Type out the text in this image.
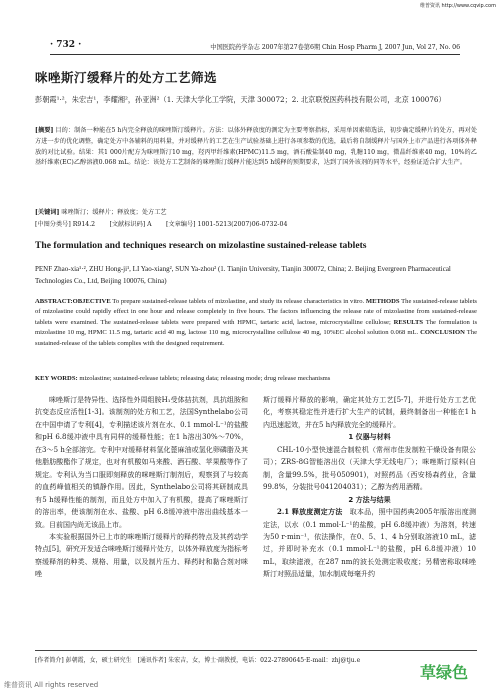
维普资讯 http://www.cqvip.com
· 732 ·	中国医院药学杂志 2007年第27卷第6期 Chin Hosp Pharm J, 2007 Jun, Vol 27, No. 06
咪唑斯汀缓释片的处方工艺筛选
彭朝霞¹·²，朱宏吉¹，李耀湘²，孙亚洲²（1. 天津大学化工学院，天津 300072；2. 北京联悦医药科技有限公司，北京 100076）
[摘要] 目的：制备一种能在5 h内完全释放的咪唑斯汀缓释片。方法：以体外释放度的测定为主要考察指标，采用单因素筛选法，初步确定缓释片的处方，再对处方进一步的优化调整，确定处方中各辅料的用料量，并对缓释片的工艺在生产试验基础上进行各项参数的优选，最后将自制缓释片与国外上市产品进行各项体外释放的对比试验。结果：其1 000片配方为咪唑斯汀10 mg，羟丙甲纤维素(HPMC)11.5 mg，酒石酸盐制40 mg，乳糖110 mg，微晶纤维素40 mg，10%的乙基纤维素(EC)乙醇溶液0.068 mL。结论：该处方工艺制备的咪唑斯汀缓释片能达到5 h缓释的预期要求，达到了国外该剂的同等水平，经验证适合扩大生产。
[关键词] 咪唑斯汀；缓释片；释放度；处方工艺
[中图分类号] R914.2　　 [文献标识码] A　　 [文章编号] 1001-5213(2007)06-0732-04
The formulation and techniques research on mizolastine sustained-release tablets
PENF Zhao-xia¹·², ZHU Hong-ji¹, LI Yao-xiang², SUN Ya-zhou² (1. Tianjin University, Tianjin 300072, China; 2. Beijing Evergreen Pharmaceutical Technologies Co., Ltd, Beijing 100076, China)
ABSTRACT:OBJECTIVE To prepare sustained-release tablets of mizolastine, and study its release characteristics in vitro. METHODS The sustained-release tablets of mizolastine could rapidly effect in one hour and release completely in five hours. The factors influencing the release rate of mizolastine from sustained-release tablets were examined. The sustained-release tablets were prepared with HPMC, tartaric acid, lactose, microcrystalline cellulose; RESULTS The formulation is mizolastine 10 mg, HPMC 11.5 mg, tartaric acid 40 mg, lactose 110 mg, microcrystalline cellulose 40 mg, 10%EC alcohol solution 0.068 mL. CONCLUSION The sustained-release of the tablets complies with the designed requirement.
KEY WORDS: mizolastine; sustained-release tablets; releasing data; releasing mode; drug release mechanisms

咪唑斯汀是特异性、选择性外周组胺H₁受体拮抗剂，具抗组胺和抗变态反应活性[1-3]。该制剂的处方和工艺，法国Synthelabo公司在中国申请了专利[4]，专利描述该片剂在水、0.1 mmol·L⁻¹的盐酸和pH 6.8缓冲液中具有同样的缓释性能；在1 h溶出30%～70%，在3～5 h全部溶完。专利中对缓释材料氢化蓖麻油或氢化卵磷脂及其他脂肪酸酯作了规定，也对有机酸如马来酸、酒石酸、苹果酸等作了规定。专利认为当口服即刻释放的咪唑斯汀制剂后，观察到了与较高的血药峰值相关的镇静作用。因此，Synthelabo公司将其研制成具有5 h缓释性能的制剂，而且处方中加入了有机酸，提高了咪唑斯汀的溶出率，使该制剂在水、盐酸、pH 6.8缓冲液中溶出曲线基本一致。目前国内尚无该品上市。

本实验根据国外已上市的咪唑斯汀缓释片的释药特点及其药动学特点[5]，研究开发适合咪唑斯汀缓释片处方，以体外释放度为指标考察缓释剂的种类、规格、用量，以及制片压力、释药时和黏合剂对咪唑

斯汀缓释片释放的影响，确定其处方工艺[5-7]，并进行处方工艺优化，考察其稳定性并进行扩大生产的试制，最终制备出一种能在1 h内迅速起效，并在5 h内释放完全的缓释片。

1 仪器与材料

CHL-10小型快速混合制粒机（常州市佳发制粒干燥设备有限公司）；ZRS-8G智能溶出仪（天津大学无线电厂）；咪唑斯汀原料(自制，含量99.5%，批号050901)，对照药品（西安杨森药业，含量99.8%，分装批号041204031）；乙醇为药用酒精。

2 方法与结果

2.1 释放度测定方法　 取本品，照中国药典2005年版溶出度测定法，以水（0.1 mmol·L⁻¹的盐酸，pH 6.8缓冲液）为溶剂，转速为50 r·min⁻¹，依法操作，在0、5、1、4 h分别取溶液10 mL，滤过，并即时补充水（0.1 mmol·L⁻¹的盐酸，pH 6.8缓冲液）10 mL，取续滤液，在287 nm的波长处测定吸收度；另精密称取咪唑斯汀对照品适量，加水制成每毫升约

[作者简介] 彭朝霞，女，硕士研究生　[通讯作者] 朱宏吉，女，博士·副教授，电话：022-27890645·E-mail：zhj@tju.e
维普资讯 All rights reserved
草绿色
